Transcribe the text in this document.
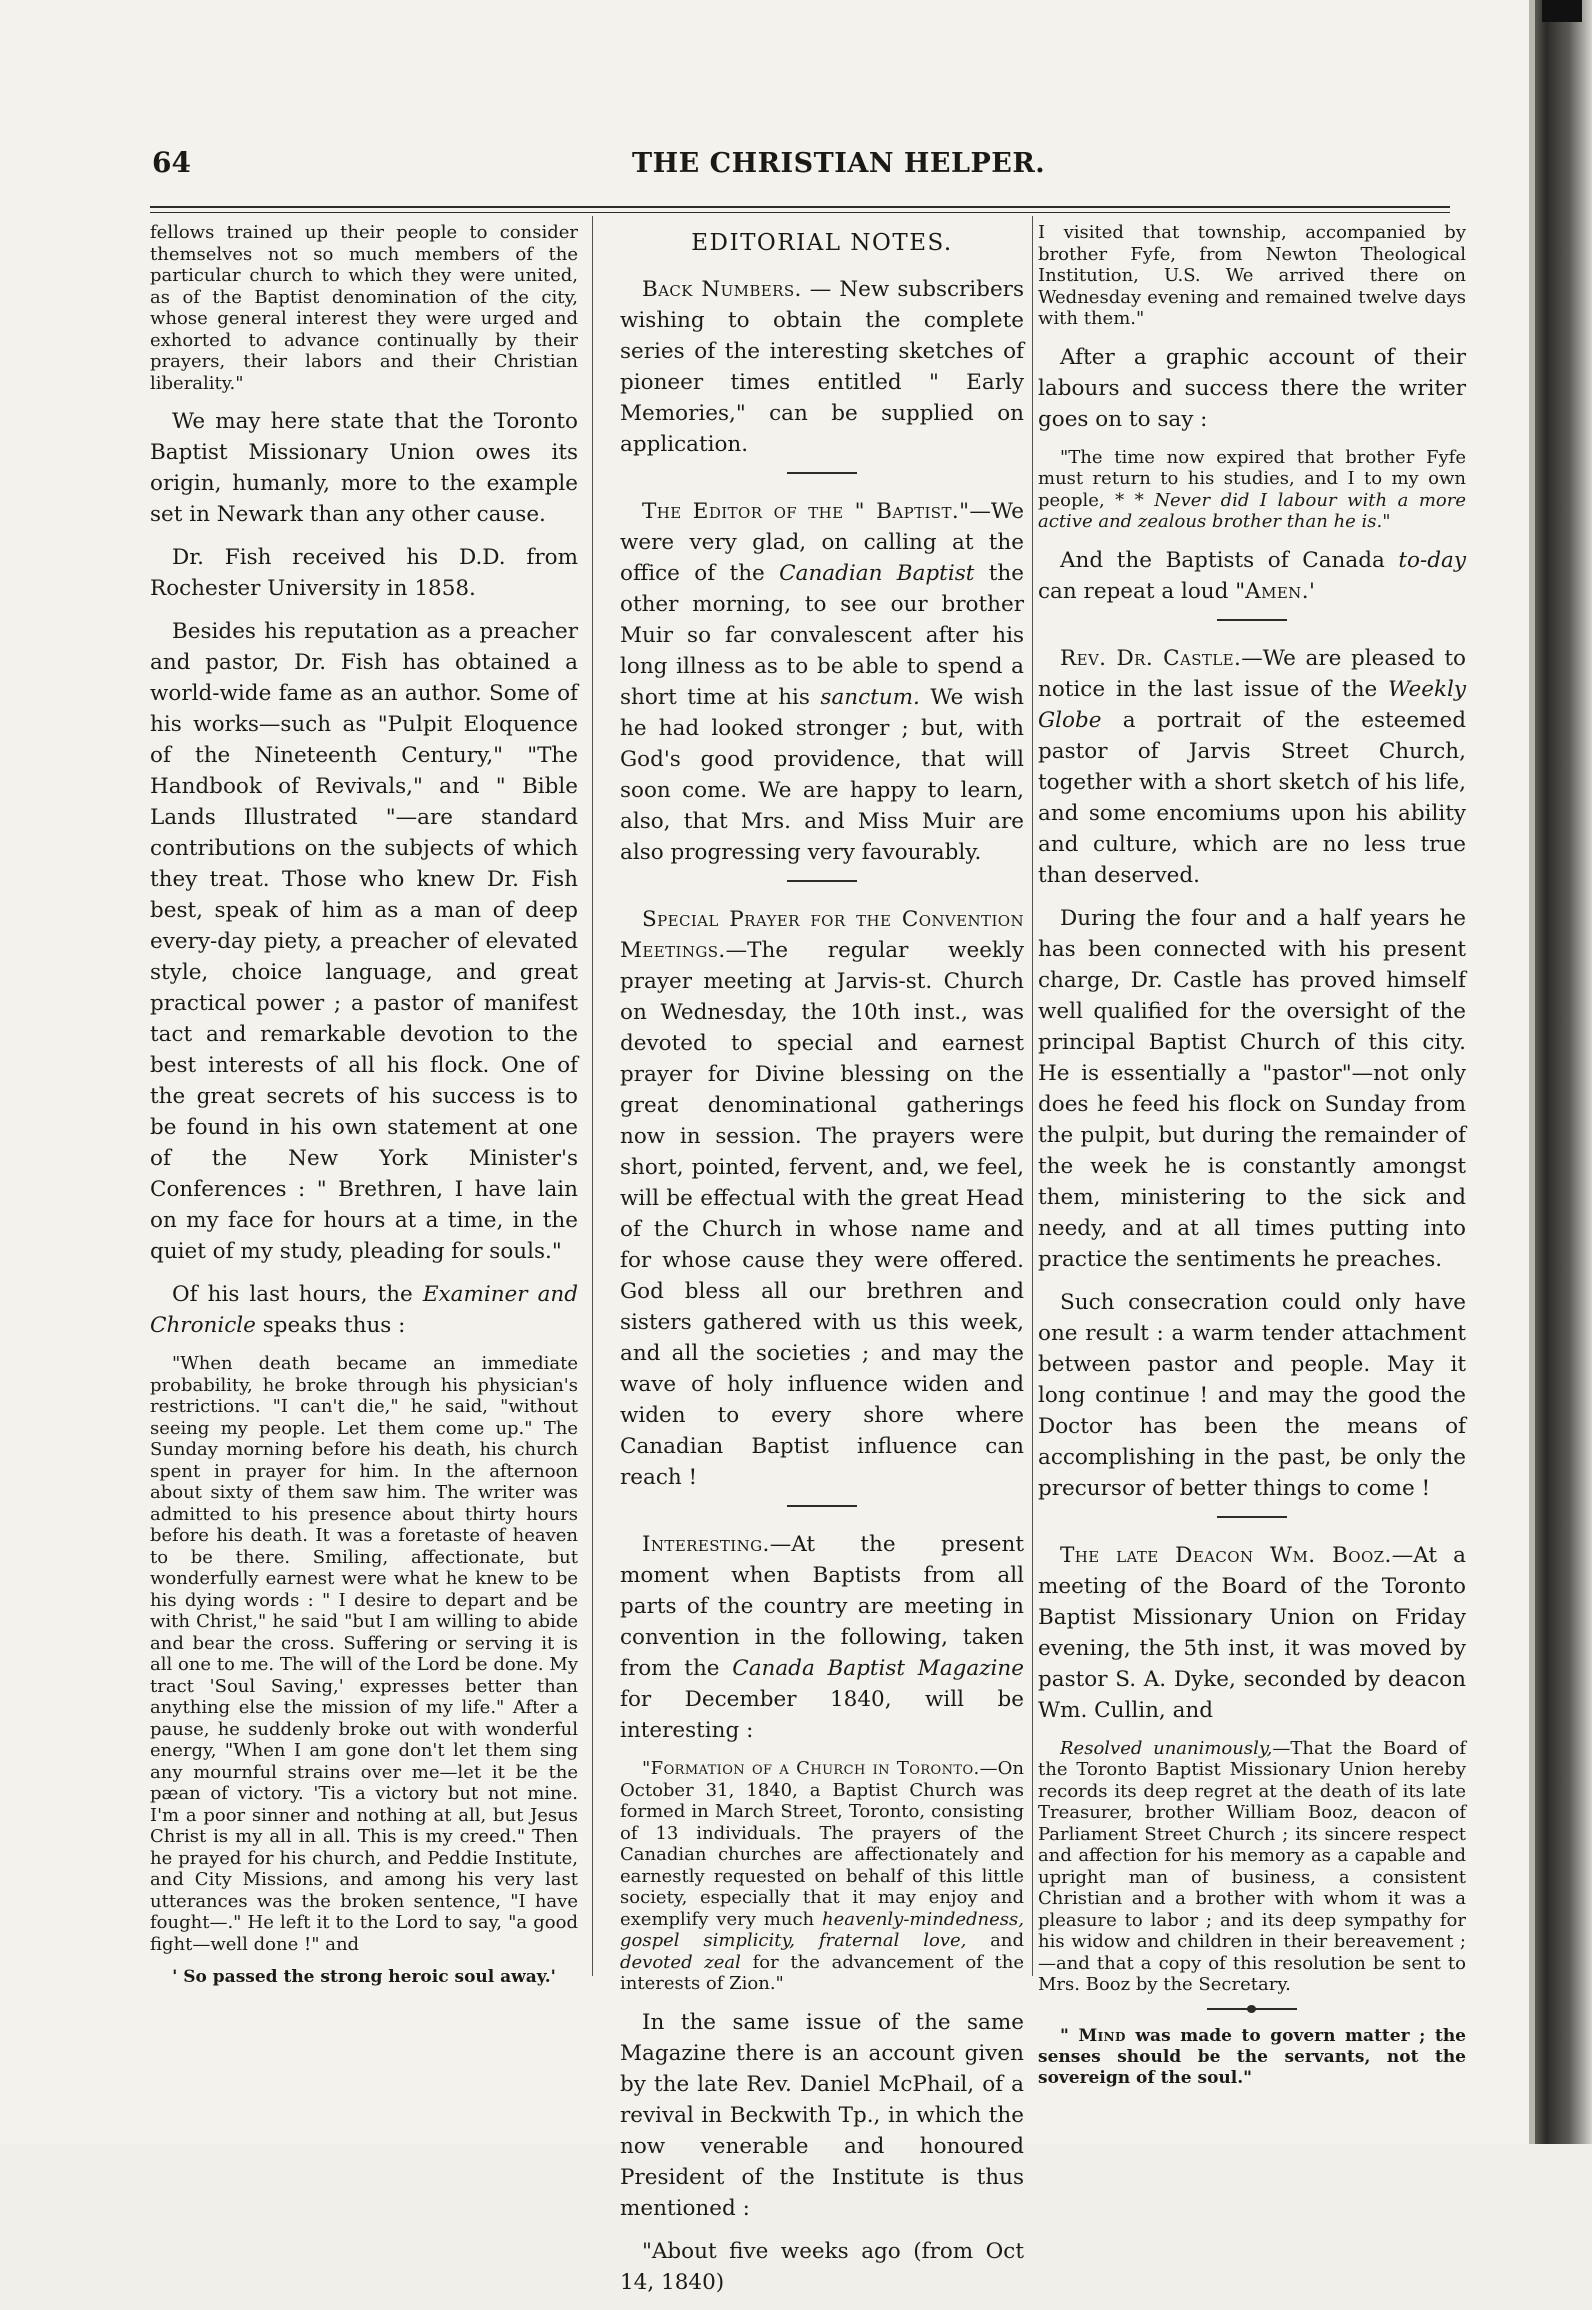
64	THE CHRISTIAN HELPER.

fellows trained up their people to consider themselves not so much members of the particular church to which they were united, as of the Baptist denomination of the city, whose general interest they were urged and exhorted to advance continually by their prayers, their labors and their Christian liberality."

We may here state that the Toronto Baptist Missionary Union owes its origin, humanly, more to the example set in Newark than any other cause.

Dr. Fish received his D.D. from Rochester University in 1858.

Besides his reputation as a preacher and pastor, Dr. Fish has obtained a world-wide fame as an author. Some of his works—such as "Pulpit Eloquence of the Nineteenth Century," "The Handbook of Revivals," and " Bible Lands Illustrated "—are standard contributions on the subjects of which they treat. Those who knew Dr. Fish best, speak of him as a man of deep every-day piety, a preacher of elevated style, choice language, and great practical power ; a pastor of manifest tact and remarkable devotion to the best interests of all his flock. One of the great secrets of his success is to be found in his own statement at one of the New York Minister's Conferences : " Brethren, I have lain on my face for hours at a time, in the quiet of my study, pleading for souls."

Of his last hours, the Examiner and Chronicle speaks thus :

"When death became an immediate probability, he broke through his physician's restrictions. "I can't die," he said, "without seeing my people. Let them come up." The Sunday morning before his death, his church spent in prayer for him. In the afternoon about sixty of them saw him. The writer was admitted to his presence about thirty hours before his death. It was a foretaste of heaven to be there. Smiling, affectionate, but wonderfully earnest were what he knew to be his dying words : " I desire to depart and be with Christ," he said "but I am willing to abide and bear the cross. Suffering or serving it is all one to me. The will of the Lord be done. My tract 'Soul Saving,' expresses better than anything else the mission of my life." After a pause, he suddenly broke out with wonderful energy, "When I am gone don't let them sing any mournful strains over me—let it be the pæan of victory. 'Tis a victory but not mine. I'm a poor sinner and nothing at all, but Jesus Christ is my all in all. This is my creed." Then he prayed for his church, and Peddie Institute, and City Missions, and among his very last utterances was the broken sentence, "I have fought—." He left it to the Lord to say, "a good fight—well done !" and

' So passed the strong heroic soul away.'

EDITORIAL NOTES.

Back Numbers. — New subscribers wishing to obtain the complete series of the interesting sketches of pioneer times entitled " Early Memories," can be supplied on application.

The Editor of the " Baptist."—We were very glad, on calling at the office of the Canadian Baptist the other morning, to see our brother Muir so far convalescent after his long illness as to be able to spend a short time at his sanctum. We wish he had looked stronger ; but, with God's good providence, that will soon come. We are happy to learn, also, that Mrs. and Miss Muir are also progressing very favourably.

Special Prayer for the Convention Meetings.—The regular weekly prayer meeting at Jarvis-st. Church on Wednesday, the 10th inst., was devoted to special and earnest prayer for Divine blessing on the great denominational gatherings now in session. The prayers were short, pointed, fervent, and, we feel, will be effectual with the great Head of the Church in whose name and for whose cause they were offered. God bless all our brethren and sisters gathered with us this week, and all the societies ; and may the wave of holy influence widen and widen to every shore where Canadian Baptist influence can reach !

Interesting.—At the present moment when Baptists from all parts of the country are meeting in convention in the following, taken from the Canada Baptist Magazine for December 1840, will be interesting :

"Formation of a Church in Toronto.—On October 31, 1840, a Baptist Church was formed in March Street, Toronto, consisting of 13 individuals. The prayers of the Canadian churches are affectionately and earnestly requested on behalf of this little society, especially that it may enjoy and exemplify very much heavenly-mindedness, gospel simplicity, fraternal love, and devoted zeal for the advancement of the interests of Zion."

In the same issue of the same Magazine there is an account given by the late Rev. Daniel McPhail, of a revival in Beckwith Tp., in which the now venerable and honoured President of the Institute is thus mentioned :

"About five weeks ago (from Oct 14, 1840)

I visited that township, accompanied by brother Fyfe, from Newton Theological Institution, U.S. We arrived there on Wednesday evening and remained twelve days with them."

After a graphic account of their labours and success there the writer goes on to say :

"The time now expired that brother Fyfe must return to his studies, and I to my own people, * * Never did I labour with a more active and zealous brother than he is."

And the Baptists of Canada to-day can repeat a loud "Amen.'

Rev. Dr. Castle.—We are pleased to notice in the last issue of the Weekly Globe a portrait of the esteemed pastor of Jarvis Street Church, together with a short sketch of his life, and some encomiums upon his ability and culture, which are no less true than deserved.

During the four and a half years he has been connected with his present charge, Dr. Castle has proved himself well qualified for the oversight of the principal Baptist Church of this city. He is essentially a "pastor"—not only does he feed his flock on Sunday from the pulpit, but during the remainder of the week he is constantly amongst them, ministering to the sick and needy, and at all times putting into practice the sentiments he preaches.

Such consecration could only have one result : a warm tender attachment between pastor and people. May it long continue ! and may the good the Doctor has been the means of accomplishing in the past, be only the precursor of better things to come !

The late Deacon Wm. Booz.—At a meeting of the Board of the Toronto Baptist Missionary Union on Friday evening, the 5th inst, it was moved by pastor S. A. Dyke, seconded by deacon Wm. Cullin, and

Resolved unanimously,—That the Board of the Toronto Baptist Missionary Union hereby records its deep regret at the death of its late Treasurer, brother William Booz, deacon of Parliament Street Church ; its sincere respect and affection for his memory as a capable and upright man of business, a consistent Christian and a brother with whom it was a pleasure to labor ; and its deep sympathy for his widow and children in their bereavement ;—and that a copy of this resolution be sent to Mrs. Booz by the Secretary.

" Mind was made to govern matter ; the senses should be the servants, not the sovereign of the soul."
